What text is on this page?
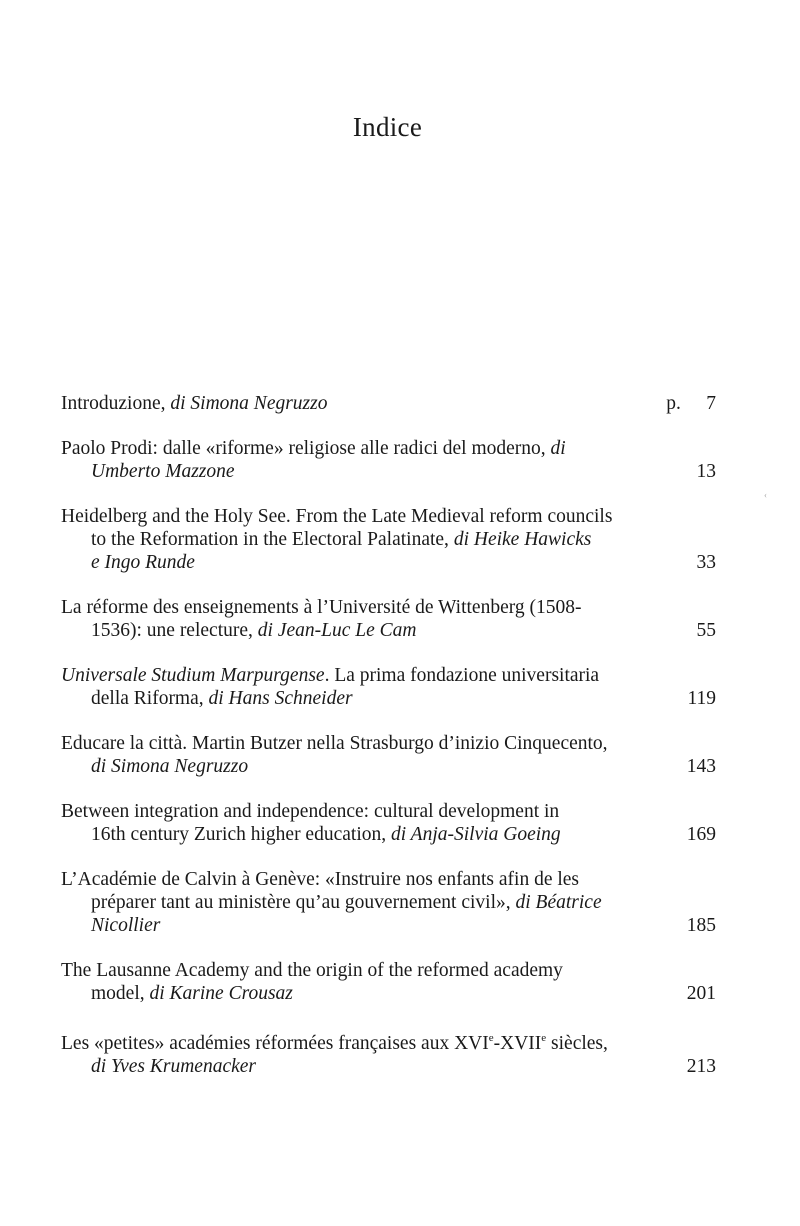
Indice
Introduzione, di Simona Negruzzo	p. 7
Paolo Prodi: dalle «riforme» religiose alle radici del moderno, di
Umberto Mazzone	13
Heidelberg and the Holy See. From the Late Medieval reform councils
to the Reformation in the Electoral Palatinate, di Heike Hawicks
e Ingo Runde	33
La réforme des enseignements à l’Université de Wittenberg (1508-
1536): une relecture, di Jean-Luc Le Cam	55
Universale Studium Marpurgense. La prima fondazione universitaria
della Riforma, di Hans Schneider	119
Educare la città. Martin Butzer nella Strasburgo d’inizio Cinquecento,
di Simona Negruzzo	143
Between integration and independence: cultural development in
16th century Zurich higher education, di Anja-Silvia Goeing	169
L’Académie de Calvin à Genève: «Instruire nos enfants afin de les
préparer tant au ministère qu’au gouvernement civil», di Béatrice
Nicollier	185
The Lausanne Academy and the origin of the reformed academy
model, di Karine Crousaz	201
Les «petites» académies réformées françaises aux XVIe-XVIIe siècles,
di Yves Krumenacker	213
‹
